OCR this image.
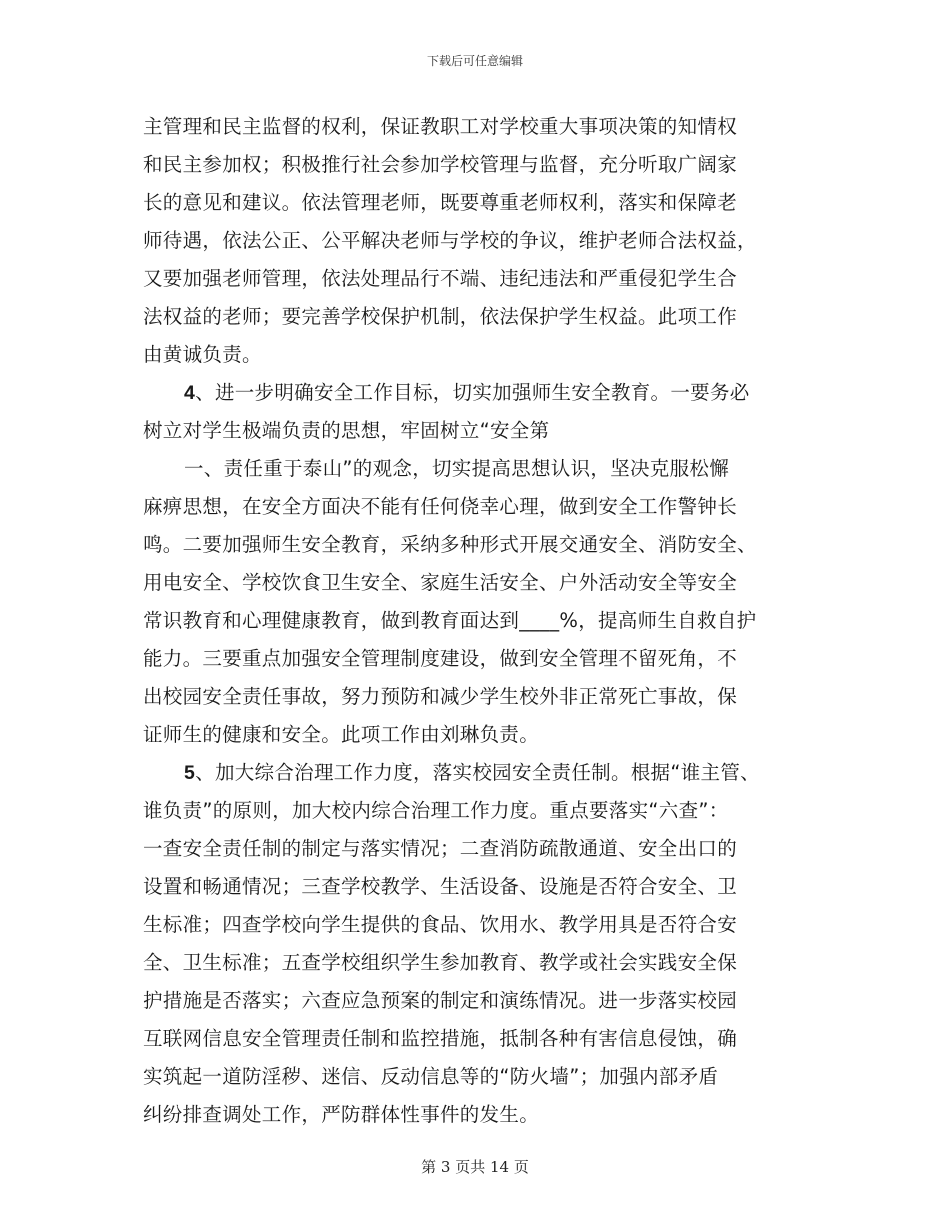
下载后可任意编辑
主管理和民主监督的权利，保证教职工对学校重大事项决策的知情权
和民主参加权；积极推行社会参加学校管理与监督，充分听取广阔家
长的意见和建议。依法管理老师，既要尊重老师权利，落实和保障老
师待遇，依法公正、公平解决老师与学校的争议，维护老师合法权益，
又要加强老师管理，依法处理品行不端、违纪违法和严重侵犯学生合
法权益的老师；要完善学校保护机制，依法保护学生权益。此项工作
由黄诚负责。
4、进一步明确安全工作目标，切实加强师生安全教育。一要务必
树立对学生极端负责的思想，牢固树立“安全第
一、责任重于泰山”的观念，切实提高思想认识，坚决克服松懈
麻痹思想，在安全方面决不能有任何侥幸心理，做到安全工作警钟长
鸣。二要加强师生安全教育，采纳多种形式开展交通安全、消防安全、
用电安全、学校饮食卫生安全、家庭生活安全、户外活动安全等安全
常识教育和心理健康教育，做到教育面达到____%，提高师生自救自护
能力。三要重点加强安全管理制度建设，做到安全管理不留死角，不
出校园安全责任事故，努力预防和减少学生校外非正常死亡事故，保
证师生的健康和安全。此项工作由刘琳负责。
5、加大综合治理工作力度，落实校园安全责任制。根据“谁主管、
谁负责”的原则，加大校内综合治理工作力度。重点要落实“六查”：
一查安全责任制的制定与落实情况；二查消防疏散通道、安全出口的
设置和畅通情况；三查学校教学、生活设备、设施是否符合安全、卫
生标准；四查学校向学生提供的食品、饮用水、教学用具是否符合安
全、卫生标准；五查学校组织学生参加教育、教学或社会实践安全保
护措施是否落实；六查应急预案的制定和演练情况。进一步落实校园
互联网信息安全管理责任制和监控措施，抵制各种有害信息侵蚀，确
实筑起一道防淫秽、迷信、反动信息等的“防火墙”；加强内部矛盾
纠纷排查调处工作，严防群体性事件的发生。
第 3 页共 14 页
